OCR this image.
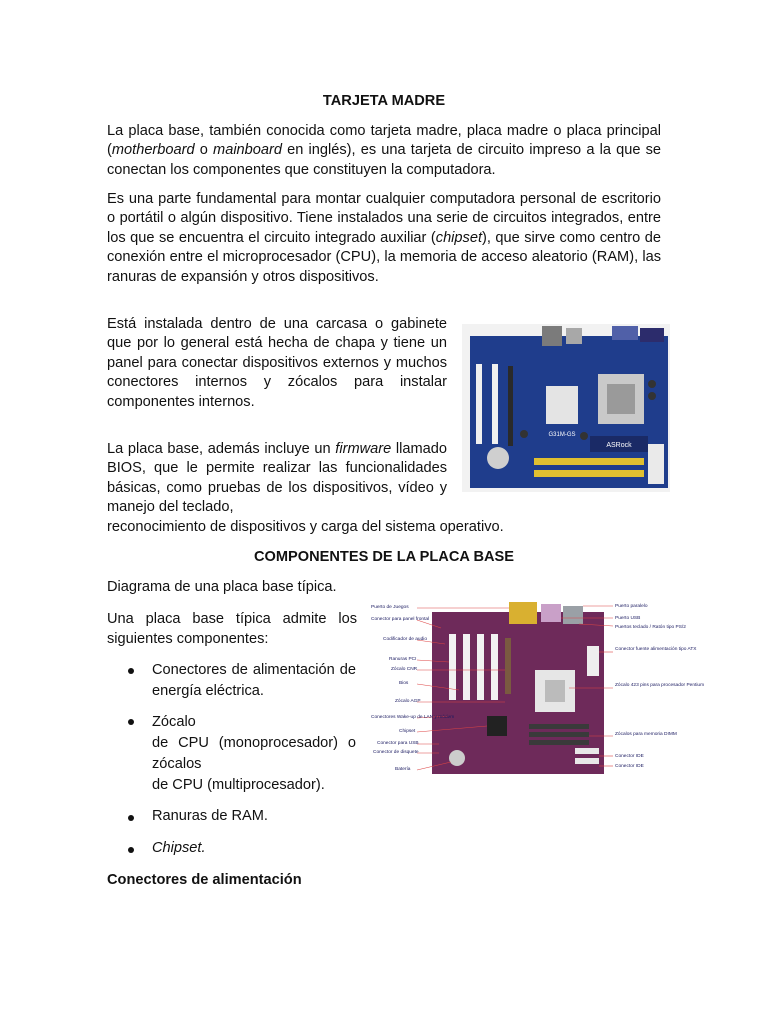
TARJETA MADRE

La placa base, también conocida como tarjeta madre, placa madre o placa principal (motherboard o mainboard en inglés), es una tarjeta de circuito impreso a la que se conectan los componentes que constituyen la computadora.

Es una parte fundamental para montar cualquier computadora personal de escritorio o portátil o algún dispositivo. Tiene instalados una serie de circuitos integrados, entre los que se encuentra el circuito integrado auxiliar (chipset), que sirve como centro de conexión entre el microprocesador (CPU), la memoria de acceso aleatorio (RAM), las ranuras de expansión y otros dispositivos.

Está instalada dentro de una carcasa o gabinete que por lo general está hecha de chapa y tiene un panel para conectar dispositivos externos y muchos conectores internos y zócalos para instalar componentes internos.

La placa base, además incluye un firmware llamado BIOS, que le permite realizar las funcionalidades básicas, como pruebas de los dispositivos, vídeo y manejo del teclado,

reconocimiento de dispositivos y carga del sistema operativo.

ASRock
G31M-GS

COMPONENTES DE LA PLACA BASE

Diagrama de una placa base típica.

Una placa base típica admite los siguientes componentes:

Conectores de alimentación de energía eléctrica.

Zócalo
de CPU (monoprocesador) o zócalos
de CPU (multiprocesador).

Ranuras de RAM.

Chipset.

Conectores de alimentación

Puerto de Juegos
Conector para panel frontal
Codificador de audio
Ranuras PCI
Zócalo CNR
Bios
Zócalo AGP
Conectores Wake-up de LAN y módem
Chipset
Conector para USB
Conector de disquete
Batería
Puerto paralelo
Puerto USB
Puertos teclado / Ratón tipo PS/2
Conector fuente alimentación tipo ATX
Zócalo 423 pins para procesador Pentium
Zócalos para memoria DIMM
Conector IDE
Conector IDE
